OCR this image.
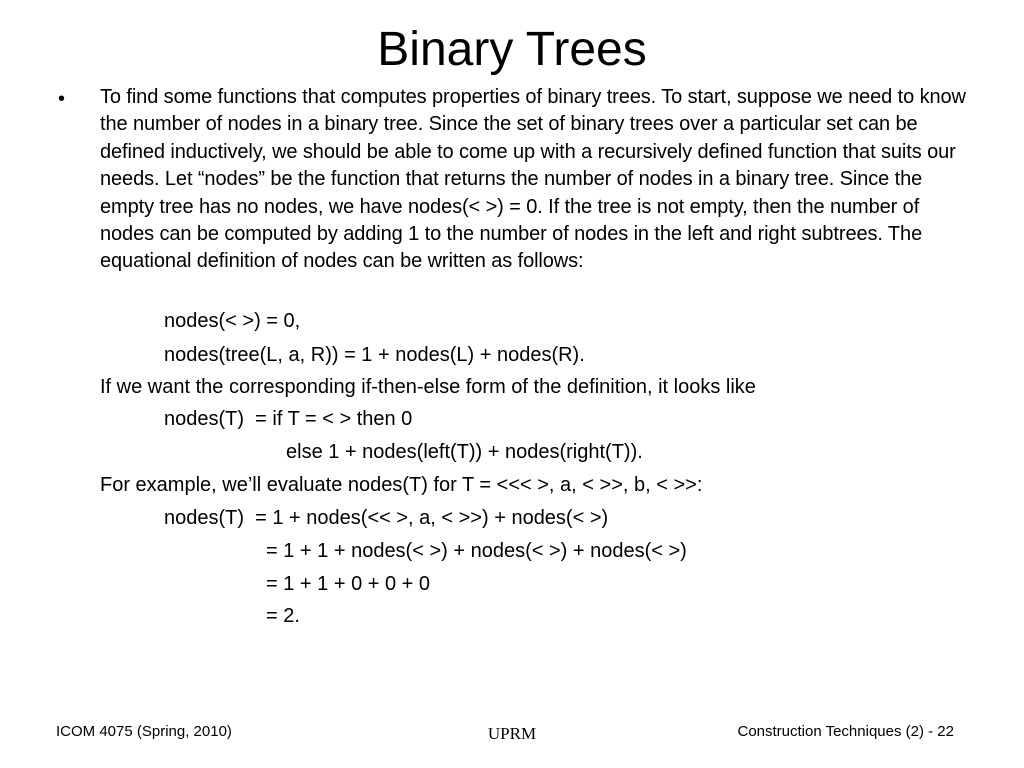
Binary Trees
• To find some functions that computes properties of binary trees. To start, suppose we need to know the number of nodes in a binary tree. Since the set of binary trees over a particular set can be defined inductively, we should be able to come up with a recursively defined function that suits our needs. Let “nodes” be the function that returns the number of nodes in a binary tree. Since the empty tree has no nodes, we have nodes(< >) = 0. If the tree is not empty, then the number of nodes can be computed by adding 1 to the number of nodes in the left and right subtrees. The equational definition of nodes can be written as follows:
nodes(< >) = 0,
nodes(tree(L, a, R)) = 1 + nodes(L) + nodes(R).
If we want the corresponding if-then-else form of the definition, it looks like
nodes(T)  = if T = < > then 0
else 1 + nodes(left(T)) + nodes(right(T)).
For example, we’ll evaluate nodes(T) for T = <<< >, a, < >>, b, < >>:
nodes(T)  = 1 + nodes(<< >, a, < >>) + nodes(< >)
= 1 + 1 + nodes(< >) + nodes(< >) + nodes(< >)
= 1 + 1 + 0 + 0 + 0
= 2.
ICOM 4075 (Spring, 2010)	UPRM	Construction Techniques (2) - 22
